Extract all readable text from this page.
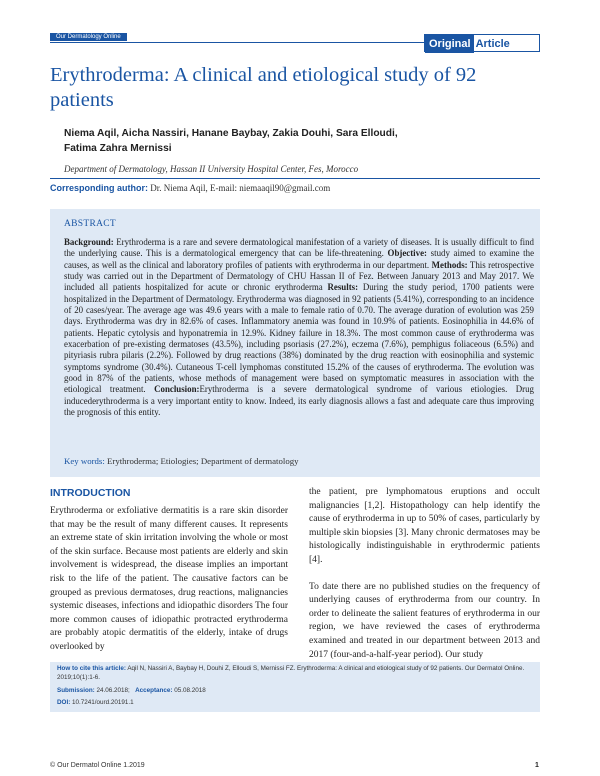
Our Dermatology Online
Original Article
Erythroderma: A clinical and etiological study of 92 patients
Niema Aqil, Aicha Nassiri, Hanane Baybay, Zakia Douhi, Sara Elloudi,
Fatima Zahra Mernissi
Department of Dermatology, Hassan II University Hospital Center, Fes, Morocco
Corresponding author: Dr. Niema Aqil, E-mail: niemaaqil90@gmail.com
ABSTRACT
Background: Erythroderma is a rare and severe dermatological manifestation of a variety of diseases. It is usually difficult to find the underlying cause. This is a dermatological emergency that can be life-threatening. Objective: study aimed to examine the causes, as well as the clinical and laboratory profiles of patients with erythroderma in our department. Methods: This retrospective study was carried out in the Department of Dermatology of CHU Hassan II of Fez. Between January 2013 and May 2017. We included all patients hospitalized for acute or chronic erythroderma Results: During the study period, 1700 patients were hospitalized in the Department of Dermatology. Erythroderma was diagnosed in 92 patients (5.41%), corresponding to an incidence of 20 cases/year. The average age was 49.6 years with a male to female ratio of 0.70. The average duration of evolution was 259 days. Erythroderma was dry in 82.6% of cases. Inflammatory anemia was found in 10.9% of patients. Eosinophilia in 44.6% of patients. Hepatic cytolysis and hyponatremia in 12.9%. Kidney failure in 18.3%. The most common cause of erythroderma was exacerbation of pre-existing dermatoses (43.5%), including psoriasis (27.2%), eczema (7.6%), pemphigus foliaceous (6.5%) and pityriasis rubra pilaris (2.2%). Followed by drug reactions (38%) dominated by the drug reaction with eosinophilia and systemic symptoms syndrome (30.4%). Cutaneous T-cell lymphomas constituted 15.2% of the causes of erythroderma. The evolution was good in 87% of the patients, whose methods of management were based on symptomatic measures in association with the etiological treatment. Conclusion:Erythroderma is a severe dermatological syndrome of various etiologies. Drug inducederythroderma is a very important entity to know. Indeed, its early diagnosis allows a fast and adequate care thus improving the prognosis of this entity.
Key words: Erythroderma; Etiologies; Department of dermatology
INTRODUCTION

Erythroderma or exfoliative dermatitis is a rare skin disorder that may be the result of many different causes. It represents an extreme state of skin irritation involving the whole or most of the skin surface. Because most patients are elderly and skin involvement is widespread, the disease implies an important risk to the life of the patient. The causative factors can be grouped as previous dermatoses, drug reactions, malignancies systemic diseases, infections and idiopathic disorders The four more common causes of idiopathic protracted erythroderma are probably atopic dermatitis of the elderly, intake of drugs overlooked by

the patient, pre lymphomatous eruptions and occult malignancies [1,2]. Histopathology can help identify the cause of erythroderma in up to 50% of cases, particularly by multiple skin biopsies [3]. Many chronic dermatoses may be histologically indistinguishable in erythrodermic patients [4].

To date there are no published studies on the frequency of underlying causes of erythroderma from our country. In order to delineate the salient features of erythroderma in our region, we have reviewed the cases of erythroderma examined and treated in our department between 2013 and 2017 (four-and-a-half-year period). Our study

How to cite this article: Aqil N, Nassiri A, Baybay H, Douhi Z, Elloudi S, Mernissi FZ. Erythroderma: A clinical and etiological study of 92 patients. Our Dermatol Online. 2019;10(1):1-6.
Submission: 24.06.2018; Acceptance: 05.08.2018
DOI: 10.7241/ourd.20191.1
© Our Dermatol Online 1.2019	1
